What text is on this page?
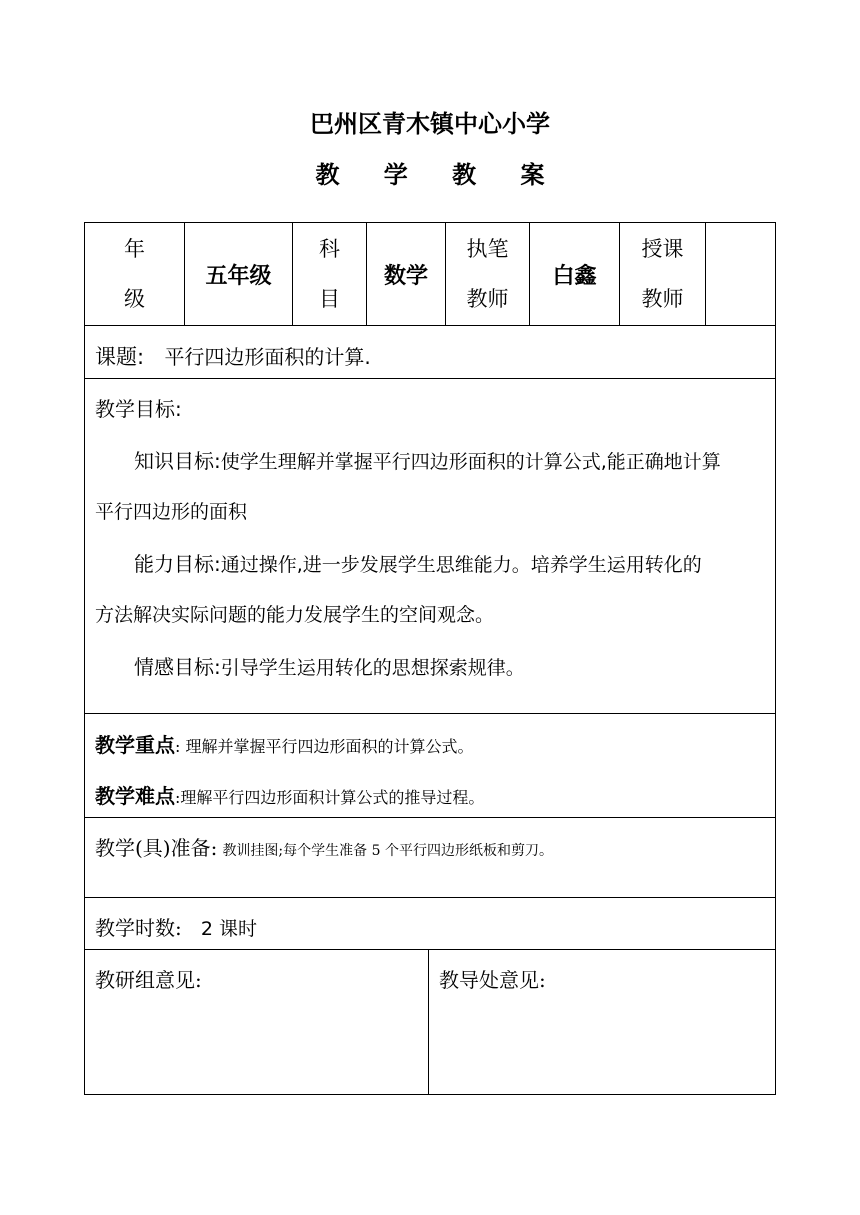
巴州区青木镇中心小学
教 学 教 案
年
级
五年级
科
目
数学
执笔
教师
白鑫
授课
教师
课题: 平行四边形面积的计算.
教学目标:
知识目标:使学生理解并掌握平行四边形面积的计算公式,能正确地计算
平行四边形的面积
能力目标:通过操作,进一步发展学生思维能力。培养学生运用转化的
方法解决实际问题的能力发展学生的空间观念。
情感目标:引导学生运用转化的思想探索规律。
教学重点: 理解并掌握平行四边形面积的计算公式。
教学难点:理解平行四边形面积计算公式的推导过程。
教学(具)准备: 教训挂图;每个学生准备 5 个平行四边形纸板和剪刀。
教学时数: 2 课时
教研组意见:	教导处意见:
